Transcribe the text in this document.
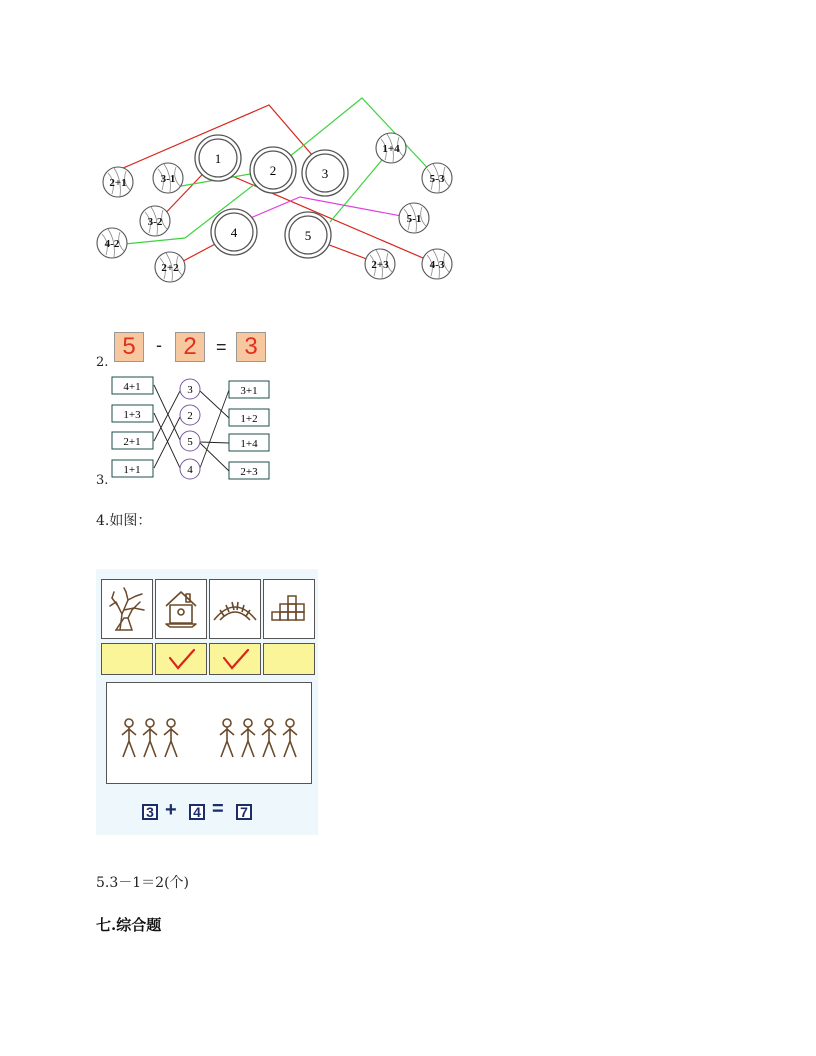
1
2	3
4	5
2+1	3-1
3-2
4-2
2+2
1+4
5-3
5-1
2+3	4-3
2.
5	- 2	= 3
3.
4+1
1+3
2+1
1+1
3
2
5
4
3+1
1+2
1+4
2+3
4.如图：
3 + 4 = 7
5.3－1＝2(个)
七.综合题
